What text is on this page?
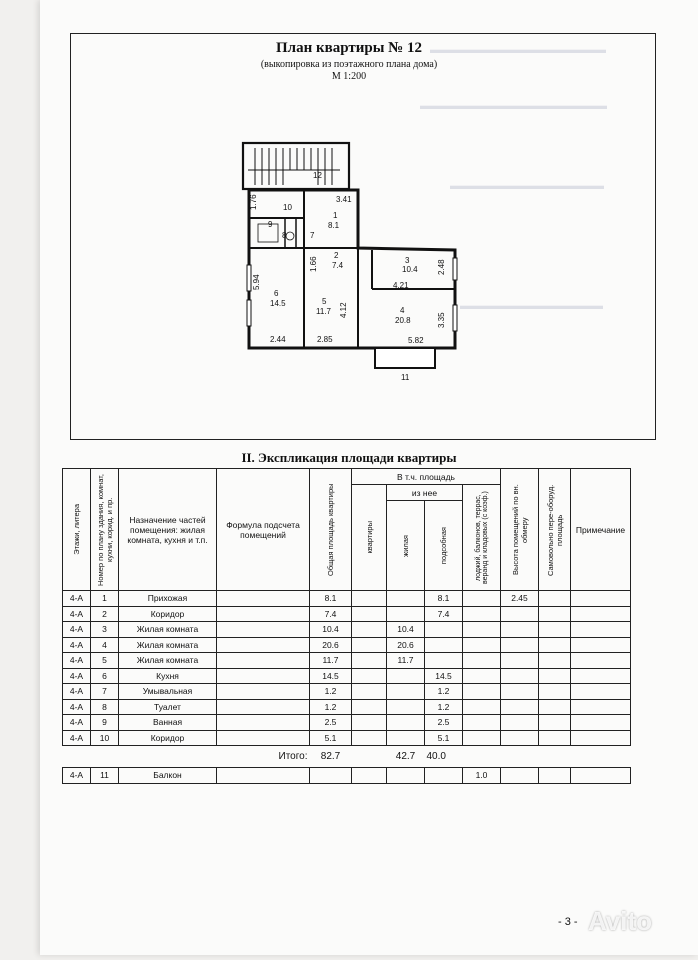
▬▬▬▬▬▬▬▬▬▬▬▬▬▬▬▬
▬▬▬▬▬▬▬▬▬▬▬▬▬▬▬▬▬
▬▬▬▬▬▬▬▬▬▬▬▬▬▬
▬▬▬▬▬▬▬▬▬▬▬▬▬
План квартиры № 12
(выкопировка из поэтажного плана дома)
М 1:200
12
10
1
8.1
9
8	7
2
7.4
3
10.4
6
14.5	5
11.7	4
20.8
11
3.41
1.76
1.66
5.94
2.48
4.21
4.12
3.35
2.44	2.85	5.82
II. Экспликация площади квартиры
Этажи, литера	Номер по плану здания, комнат, кухни, корид. и пр.	Назначение частей помещения: жилая комната, кухня и т.п.	Формула подсчета помещений	Общая площадь квартиры	В т.ч. площадь				Высота помещений по вн. обмеру	Самовольно пере-оборуд. площадь	Примечание

					квартиры	из нее		лоджий, балконов, террас, веранд и кладовых (с коэф.)			

						жилая	подсобная				

4-А	1	Прихожая		8.1			8.1		2.45		
4-А	2	Коридор		7.4			7.4				
4-А	3	Жилая комната		10.4		10.4					
4-А	4	Жилая комната		20.6		20.6					
4-А	5	Жилая комната		11.7		11.7					
4-А	6	Кухня		14.5			14.5				
4-А	7	Умывальная		1.2			1.2				
4-А	8	Туалет		1.2			1.2				
4-А	9	Ванная		2.5			2.5				
4-А	10	Коридор		5.1			5.1				
			Итого:	82.7		42.7	40.0				
4-А	11	Балкон						1.0			
- 3 - Avito
